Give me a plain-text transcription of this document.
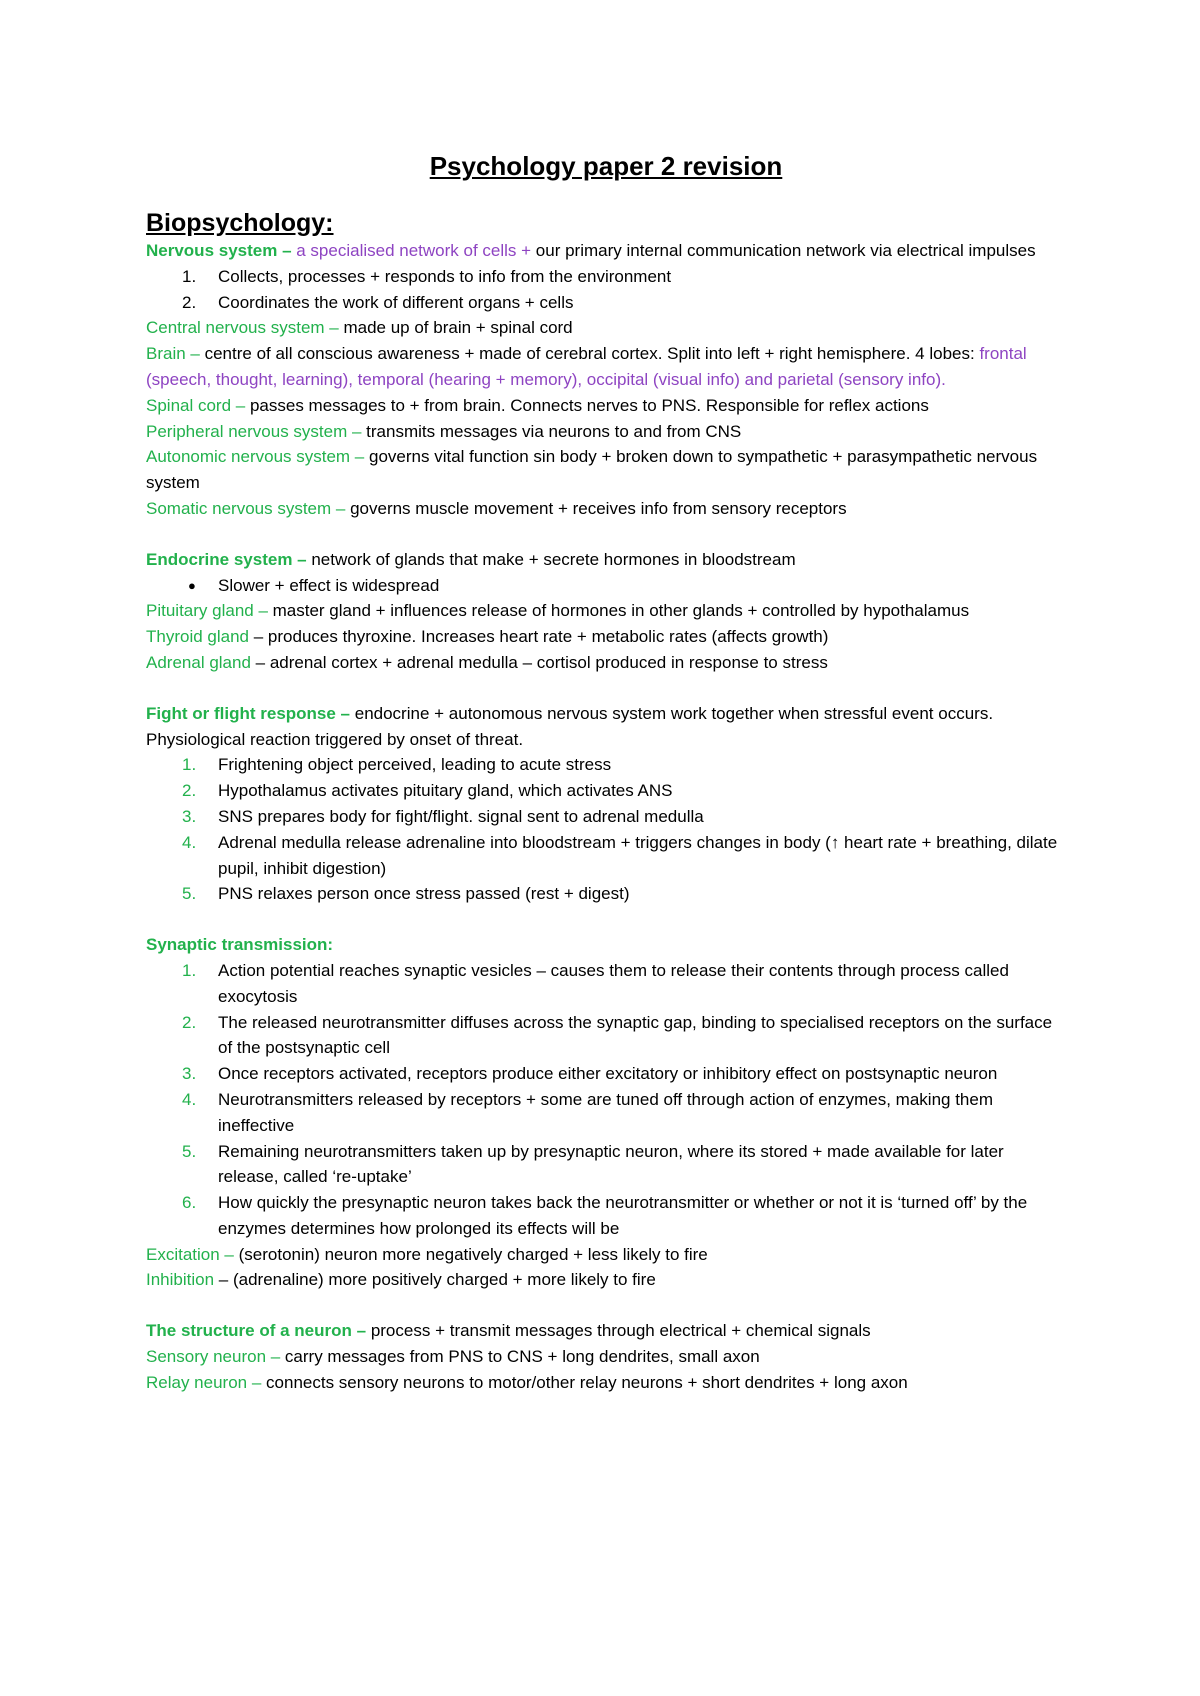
Psychology paper 2 revision
Biopsychology:

Nervous system – a specialised network of cells + our primary internal communication network via electrical impulses

1.	Collects, processes + responds to info from the environment
2.	Coordinates the work of different organs + cells

Central nervous system – made up of brain + spinal cord

Brain – centre of all conscious awareness + made of cerebral cortex. Split into left + right hemisphere. 4 lobes: frontal (speech, thought, learning), temporal (hearing + memory), occipital (visual info) and parietal (sensory info).

Spinal cord – passes messages to + from brain. Connects nerves to PNS. Responsible for reflex actions

Peripheral nervous system – transmits messages via neurons to and from CNS

Autonomic nervous system – governs vital function sin body + broken down to sympathetic + parasympathetic nervous system

Somatic nervous system – governs muscle movement + receives info from sensory receptors

Endocrine system – network of glands that make + secrete hormones in bloodstream

● Slower + effect is widespread

Pituitary gland – master gland + influences release of hormones in other glands + controlled by hypothalamus

Thyroid gland – produces thyroxine. Increases heart rate + metabolic rates (affects growth)

Adrenal gland – adrenal cortex + adrenal medulla – cortisol produced in response to stress

Fight or flight response – endocrine + autonomous nervous system work together when stressful event occurs. Physiological reaction triggered by onset of threat.

1.	Frightening object perceived, leading to acute stress
2.	Hypothalamus activates pituitary gland, which activates ANS
3.	SNS prepares body for fight/flight. signal sent to adrenal medulla
4.	Adrenal medulla release adrenaline into bloodstream + triggers changes in body (↑ heart rate + breathing, dilate pupil, inhibit digestion)
5.	PNS relaxes person once stress passed (rest + digest)

Synaptic transmission:

1.	Action potential reaches synaptic vesicles – causes them to release their contents through process called exocytosis
2.	The released neurotransmitter diffuses across the synaptic gap, binding to specialised receptors on the surface of the postsynaptic cell
3.	Once receptors activated, receptors produce either excitatory or inhibitory effect on postsynaptic neuron
4.	Neurotransmitters released by receptors + some are tuned off through action of enzymes, making them ineffective
5.	Remaining neurotransmitters taken up by presynaptic neuron, where its stored + made available for later release, called ‘re-uptake’
6.	How quickly the presynaptic neuron takes back the neurotransmitter or whether or not it is ‘turned off’ by the enzymes determines how prolonged its effects will be

Excitation – (serotonin) neuron more negatively charged + less likely to fire

Inhibition – (adrenaline) more positively charged + more likely to fire

The structure of a neuron – process + transmit messages through electrical + chemical signals

Sensory neuron – carry messages from PNS to CNS + long dendrites, small axon

Relay neuron – connects sensory neurons to motor/other relay neurons + short dendrites + long axon
